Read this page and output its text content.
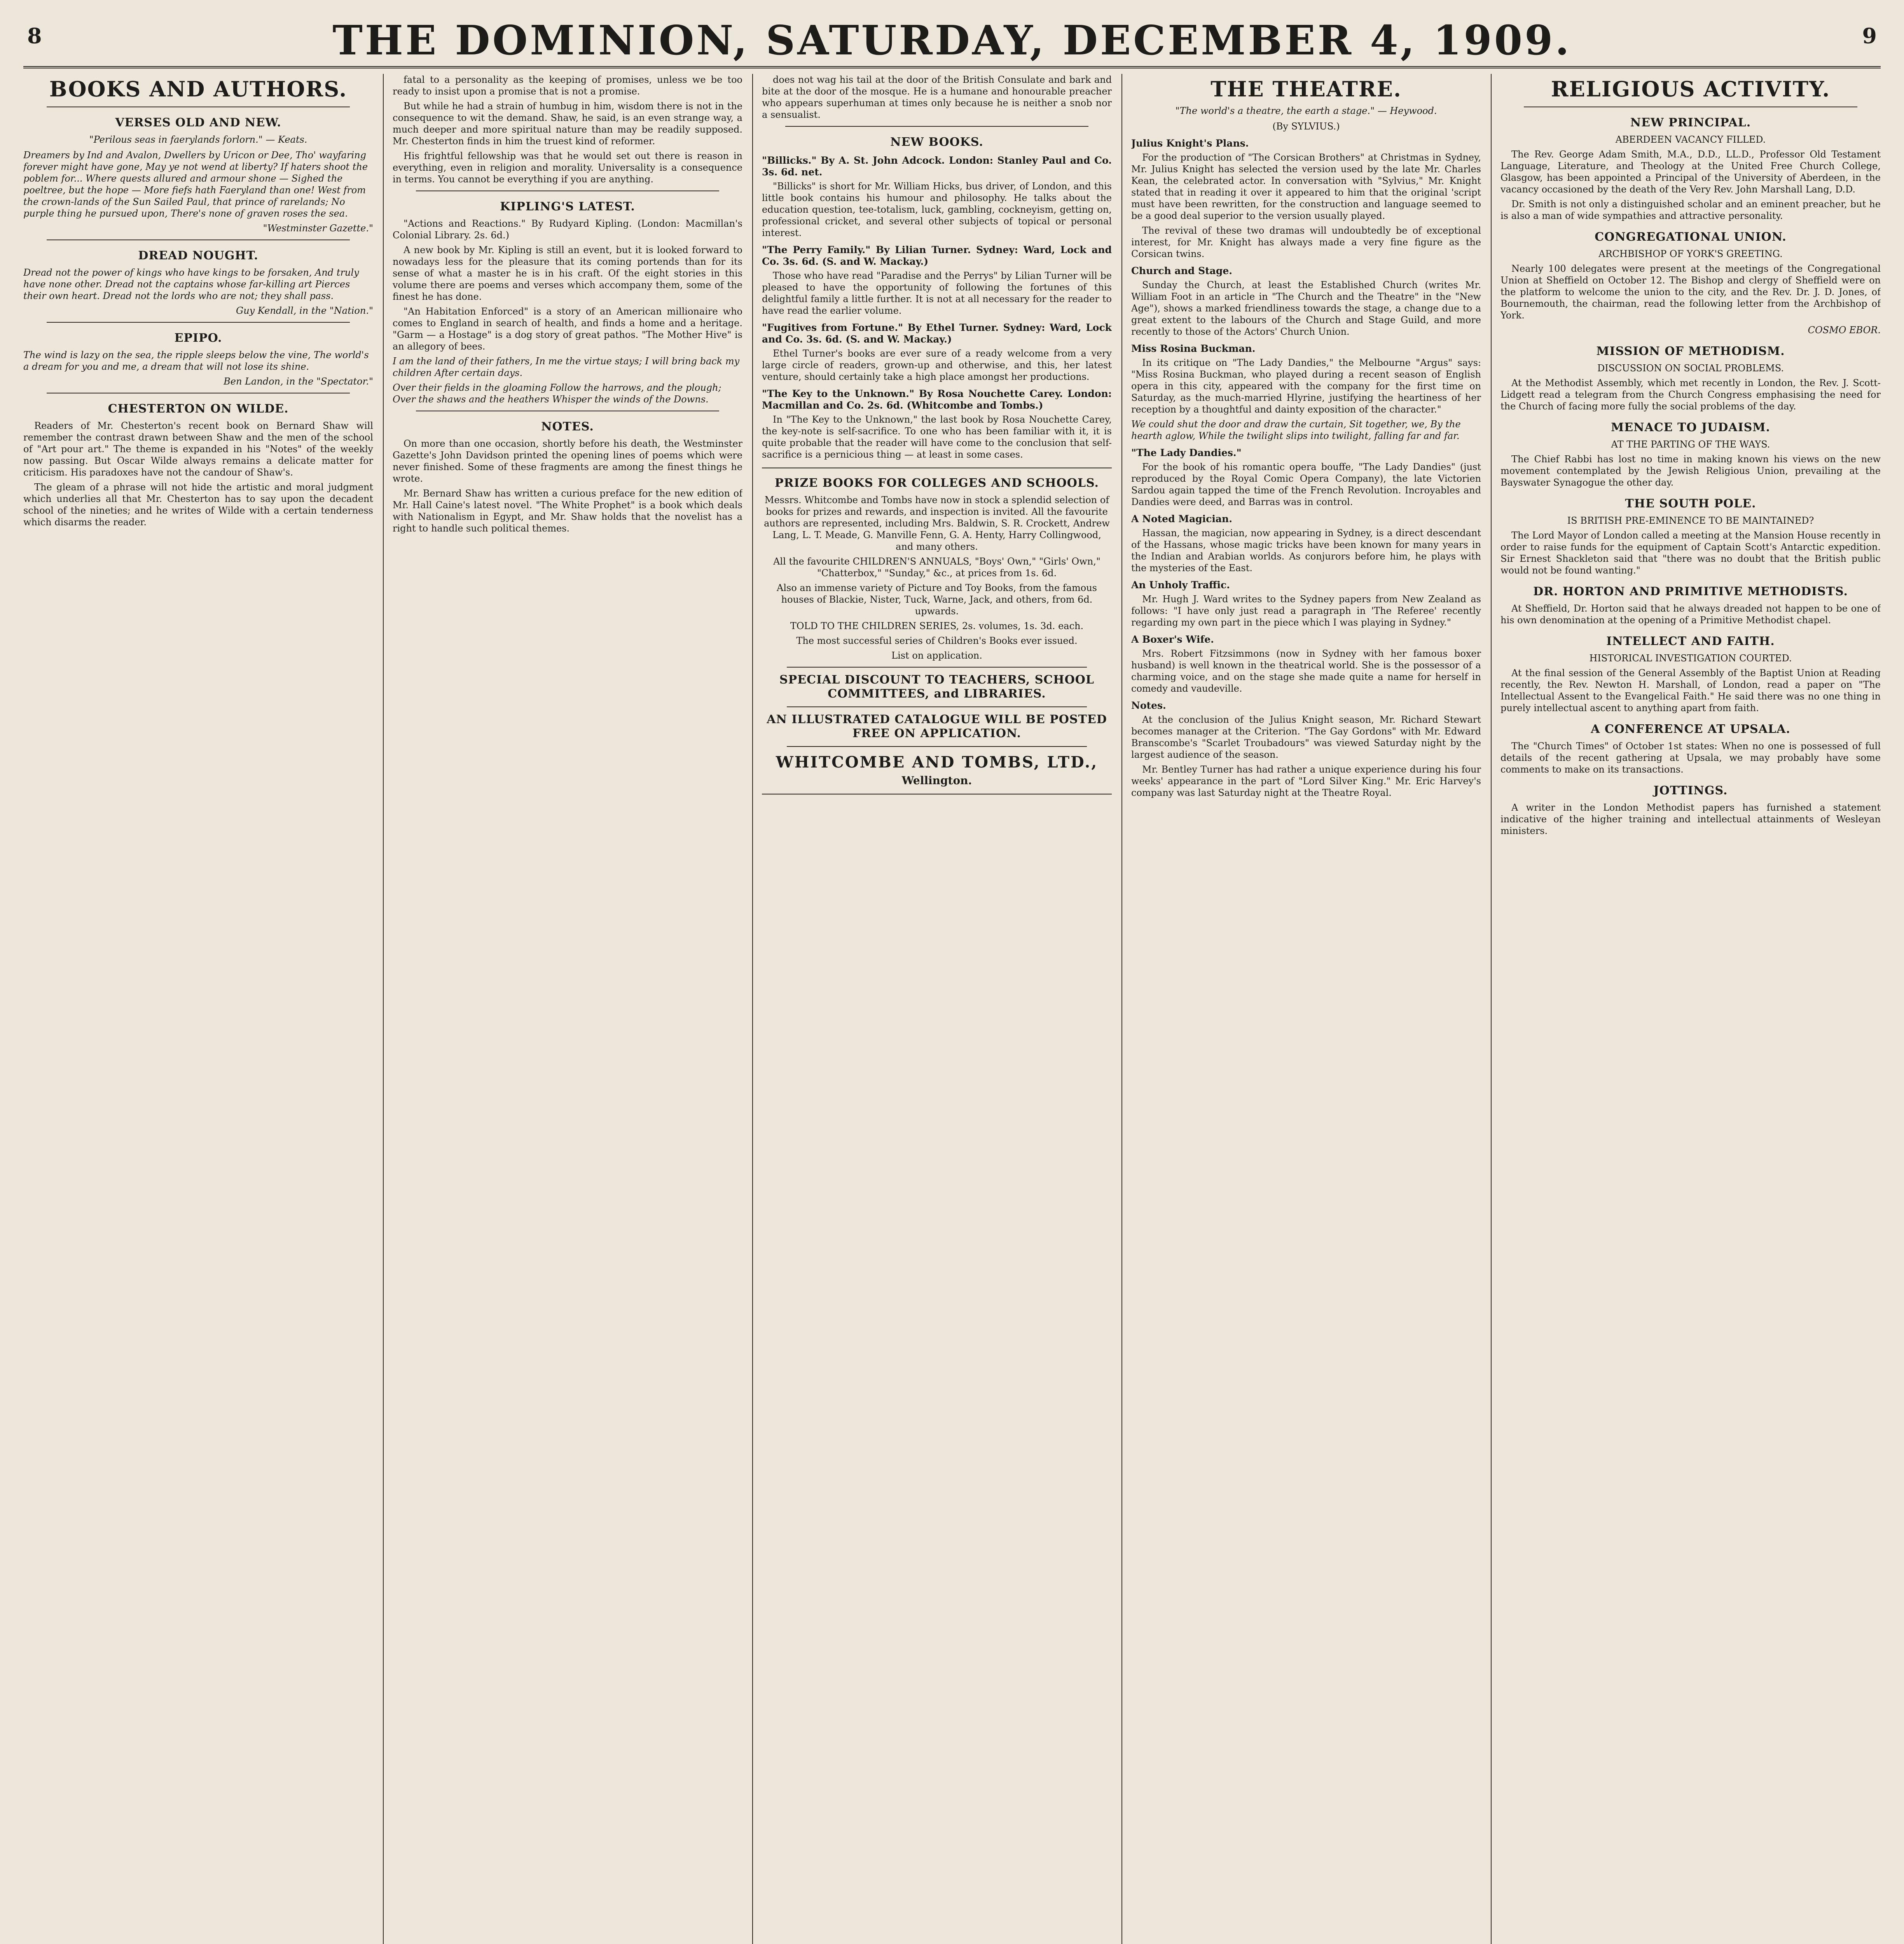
8	THE DOMINION, SATURDAY, DECEMBER 4, 1909.	9
BOOKS AND AUTHORS.
VERSES OLD AND NEW.
"Perilous seas in faerylands forlorn." — Keats.

Dreamers by Ind and Avalon, Dwellers by Uricon or Dee, Tho' wayfaring forever might have gone, May ye not wend at liberty? If haters shoot the poblem for... Where quests allured and armour shone — Sighed the poeltree, but the hope — More fiefs hath Faeryland than one! West from the crown-lands of the Sun Sailed Paul, that prince of rarelands; No purple thing he pursued upon, There's none of graven roses the sea.

"Westminster Gazette."

DREAD NOUGHT.

Dread not the power of kings who have kings to be forsaken, And truly have none other. Dread not the captains whose far-killing art Pierces their own heart. Dread not the lords who are not; they shall pass.

Guy Kendall, in the "Nation."

EPIPO.

The wind is lazy on the sea, the ripple sleeps below the vine, The world's a dream for you and me, a dream that will not lose its shine.

Ben Landon, in the "Spectator."

CHESTERTON ON WILDE.

Readers of Mr. Chesterton's recent book on Bernard Shaw will remember the contrast drawn between Shaw and the men of the school of "Art pour art." The theme is expanded in his "Notes" of the weekly now passing. But Oscar Wilde always remains a delicate matter for criticism. His paradoxes have not the candour of Shaw's.

The gleam of a phrase will not hide the artistic and moral judgment which underlies all that Mr. Chesterton has to say upon the decadent school of the nineties; and he writes of Wilde with a certain tenderness which disarms the reader.

fatal to a personality as the keeping of promises, unless we be too ready to insist upon a promise that is not a promise.

But while he had a strain of humbug in him, wisdom there is not in the consequence to wit the demand. Shaw, he said, is an even strange way, a much deeper and more spiritual nature than may be readily supposed. Mr. Chesterton finds in him the truest kind of reformer.

His frightful fellowship was that he would set out there is reason in everything, even in religion and morality. Universality is a consequence in terms. You cannot be everything if you are anything.

KIPLING'S LATEST.

"Actions and Reactions." By Rudyard Kipling. (London: Macmillan's Colonial Library. 2s. 6d.)

A new book by Mr. Kipling is still an event, but it is looked forward to nowadays less for the pleasure that its coming portends than for its sense of what a master he is in his craft. Of the eight stories in this volume there are poems and verses which accompany them, some of the finest he has done.

"An Habitation Enforced" is a story of an American millionaire who comes to England in search of health, and finds a home and a heritage. "Garm — a Hostage" is a dog story of great pathos. "The Mother Hive" is an allegory of bees.

I am the land of their fathers, In me the virtue stays; I will bring back my children After certain days.

Over their fields in the gloaming Follow the harrows, and the plough; Over the shaws and the heathers Whisper the winds of the Downs.

NOTES.

On more than one occasion, shortly before his death, the Westminster Gazette's John Davidson printed the opening lines of poems which were never finished. Some of these fragments are among the finest things he wrote.

Mr. Bernard Shaw has written a curious preface for the new edition of Mr. Hall Caine's latest novel. "The White Prophet" is a book which deals with Nationalism in Egypt, and Mr. Shaw holds that the novelist has a right to handle such political themes.

does not wag his tail at the door of the British Consulate and bark and bite at the door of the mosque. He is a humane and honourable preacher who appears superhuman at times only because he is neither a snob nor a sensualist.

NEW BOOKS.
"Billicks." By A. St. John Adcock. London: Stanley Paul and Co. 3s. 6d. net.

"Billicks" is short for Mr. William Hicks, bus driver, of London, and this little book contains his humour and philosophy. He talks about the education question, tee-totalism, luck, gambling, cockneyism, getting on, professional cricket, and several other subjects of topical or personal interest.

"The Perry Family." By Lilian Turner. Sydney: Ward, Lock and Co. 3s. 6d. (S. and W. Mackay.)

Those who have read "Paradise and the Perrys" by Lilian Turner will be pleased to have the opportunity of following the fortunes of this delightful family a little further. It is not at all necessary for the reader to have read the earlier volume.

"Fugitives from Fortune." By Ethel Turner. Sydney: Ward, Lock and Co. 3s. 6d. (S. and W. Mackay.)

Ethel Turner's books are ever sure of a ready welcome from a very large circle of readers, grown-up and otherwise, and this, her latest venture, should certainly take a high place amongst her productions.

"The Key to the Unknown." By Rosa Nouchette Carey. London: Macmillan and Co. 2s. 6d. (Whitcombe and Tombs.)

In "The Key to the Unknown," the last book by Rosa Nouchette Carey, the key-note is self-sacrifice. To one who has been familiar with it, it is quite probable that the reader will have come to the conclusion that self-sacrifice is a pernicious thing — at least in some cases.

PRIZE BOOKS FOR COLLEGES AND SCHOOLS.

Messrs. Whitcombe and Tombs have now in stock a splendid selection of books for prizes and rewards, and inspection is invited. All the favourite authors are represented, including Mrs. Baldwin, S. R. Crockett, Andrew Lang, L. T. Meade, G. Manville Fenn, G. A. Henty, Harry Collingwood, and many others.

All the favourite CHILDREN'S ANNUALS, "Boys' Own," "Girls' Own," "Chatterbox," "Sunday," &c., at prices from 1s. 6d.

Also an immense variety of Picture and Toy Books, from the famous houses of Blackie, Nister, Tuck, Warne, Jack, and others, from 6d. upwards.

TOLD TO THE CHILDREN SERIES, 2s. volumes, 1s. 3d. each.

The most successful series of Children's Books ever issued.

List on application.

SPECIAL DISCOUNT TO TEACHERS, SCHOOL COMMITTEES, and LIBRARIES.
AN ILLUSTRATED CATALOGUE WILL BE POSTED FREE ON APPLICATION.

WHITCOMBE AND TOMBS, LTD.,

Wellington.

THE THEATRE.
"The world's a theatre, the earth a stage." — Heywood.
(By SYLVIUS.)
Julius Knight's Plans.

For the production of "The Corsican Brothers" at Christmas in Sydney, Mr. Julius Knight has selected the version used by the late Mr. Charles Kean, the celebrated actor. In conversation with "Sylvius," Mr. Knight stated that in reading it over it appeared to him that the original 'script must have been rewritten, for the construction and language seemed to be a good deal superior to the version usually played.

The revival of these two dramas will undoubtedly be of exceptional interest, for Mr. Knight has always made a very fine figure as the Corsican twins.

Church and Stage.

Sunday the Church, at least the Established Church (writes Mr. William Foot in an article in "The Church and the Theatre" in the "New Age"), shows a marked friendliness towards the stage, a change due to a great extent to the labours of the Church and Stage Guild, and more recently to those of the Actors' Church Union.

Miss Rosina Buckman.

In its critique on "The Lady Dandies," the Melbourne "Argus" says: "Miss Rosina Buckman, who played during a recent season of English opera in this city, appeared with the company for the first time on Saturday, as the much-married Hlyrine, justifying the heartiness of her reception by a thoughtful and dainty exposition of the character."

We could shut the door and draw the curtain, Sit together, we, By the hearth aglow, While the twilight slips into twilight, falling far and far.

"The Lady Dandies."

For the book of his romantic opera bouffe, "The Lady Dandies" (just reproduced by the Royal Comic Opera Company), the late Victorien Sardou again tapped the time of the French Revolution. Incroyables and Dandies were deed, and Barras was in control.

A Noted Magician.

Hassan, the magician, now appearing in Sydney, is a direct descendant of the Hassans, whose magic tricks have been known for many years in the Indian and Arabian worlds. As conjurors before him, he plays with the mysteries of the East.

An Unholy Traffic.

Mr. Hugh J. Ward writes to the Sydney papers from New Zealand as follows: "I have only just read a paragraph in 'The Referee' recently regarding my own part in the piece which I was playing in Sydney."

A Boxer's Wife.

Mrs. Robert Fitzsimmons (now in Sydney with her famous boxer husband) is well known in the theatrical world. She is the possessor of a charming voice, and on the stage she made quite a name for herself in comedy and vaudeville.

Notes.

At the conclusion of the Julius Knight season, Mr. Richard Stewart becomes manager at the Criterion. "The Gay Gordons" with Mr. Edward Branscombe's "Scarlet Troubadours" was viewed Saturday night by the largest audience of the season.

Mr. Bentley Turner has had rather a unique experience during his four weeks' appearance in the part of "Lord Silver King." Mr. Eric Harvey's company was last Saturday night at the Theatre Royal.

RELIGIOUS ACTIVITY.
NEW PRINCIPAL.
ABERDEEN VACANCY FILLED.

The Rev. George Adam Smith, M.A., D.D., LL.D., Professor Old Testament Language, Literature, and Theology at the United Free Church College, Glasgow, has been appointed a Principal of the University of Aberdeen, in the vacancy occasioned by the death of the Very Rev. John Marshall Lang, D.D.

Dr. Smith is not only a distinguished scholar and an eminent preacher, but he is also a man of wide sympathies and attractive personality.

CONGREGATIONAL UNION.
ARCHBISHOP OF YORK'S GREETING.

Nearly 100 delegates were present at the meetings of the Congregational Union at Sheffield on October 12. The Bishop and clergy of Sheffield were on the platform to welcome the union to the city, and the Rev. Dr. J. D. Jones, of Bournemouth, the chairman, read the following letter from the Archbishop of York.

COSMO EBOR.

MISSION OF METHODISM.
DISCUSSION ON SOCIAL PROBLEMS.

At the Methodist Assembly, which met recently in London, the Rev. J. Scott-Lidgett read a telegram from the Church Congress emphasising the need for the Church of facing more fully the social problems of the day.

MENACE TO JUDAISM.
AT THE PARTING OF THE WAYS.

The Chief Rabbi has lost no time in making known his views on the new movement contemplated by the Jewish Religious Union, prevailing at the Bayswater Synagogue the other day.

THE SOUTH POLE.
IS BRITISH PRE-EMINENCE TO BE MAINTAINED?

The Lord Mayor of London called a meeting at the Mansion House recently in order to raise funds for the equipment of Captain Scott's Antarctic expedition. Sir Ernest Shackleton said that "there was no doubt that the British public would not be found wanting."

DR. HORTON AND PRIMITIVE METHODISTS.

At Sheffield, Dr. Horton said that he always dreaded not happen to be one of his own denomination at the opening of a Primitive Methodist chapel.

INTELLECT AND FAITH.
HISTORICAL INVESTIGATION COURTED.

At the final session of the General Assembly of the Baptist Union at Reading recently, the Rev. Newton H. Marshall, of London, read a paper on "The Intellectual Assent to the Evangelical Faith." He said there was no one thing in purely intellectual ascent to anything apart from faith.

A CONFERENCE AT UPSALA.

The "Church Times" of October 1st states: When no one is possessed of full details of the recent gathering at Upsala, we may probably have some comments to make on its transactions.

JOTTINGS.

A writer in the London Methodist papers has furnished a statement indicative of the higher training and intellectual attainments of Wesleyan ministers.
